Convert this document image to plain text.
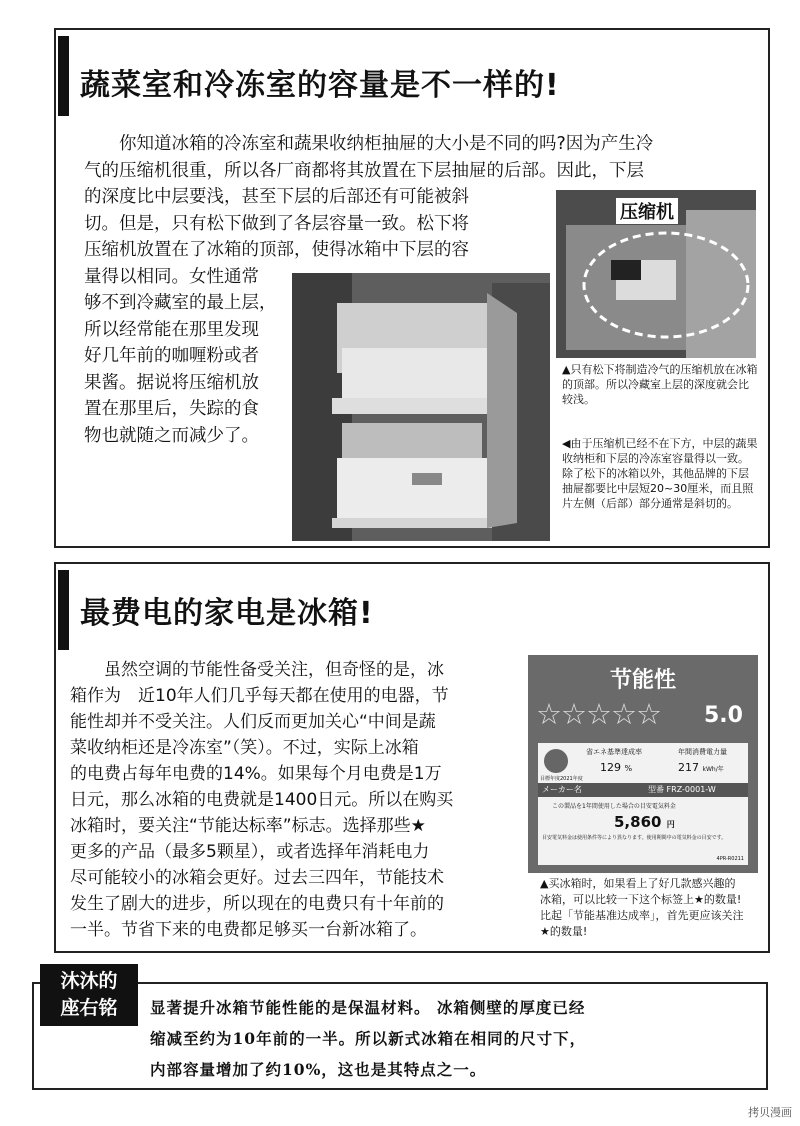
蔬菜室和冷冻室的容量是不一样的!

　　你知道冰箱的冷冻室和蔬果收纳柜抽屉的大小是不同的吗?因为产生冷

气的压缩机很重，所以各厂商都将其放置在下层抽屉的后部。因此，下层

的深度比中层要浅，甚至下层的后部还有可能被斜

切。但是，只有松下做到了各层容量一致。松下将

压缩机放置在了冰箱的顶部，使得冰箱中下层的容

量得以相同。女性通常

够不到冷藏室的最上层，

所以经常能在那里发现

好几年前的咖喱粉或者

果酱。据说将压缩机放

置在那里后，失踪的食

物也就随之而减少了。

压缩机
▲只有松下将制造冷气的压缩机放在冰箱的顶部。所以冷藏室上层的深度就会比较浅。
◀由于压缩机已经不在下方，中层的蔬果收纳柜和下层的冷冻室容量得以一致。除了松下的冰箱以外，其他品牌的下层抽屉都要比中层短20~30厘米，而且照片左侧（后部）部分通常是斜切的。
最费电的家电是冰箱!

　　虽然空调的节能性备受关注，但奇怪的是，冰

箱作为　近10年人们几乎每天都在使用的电器，节

能性却并不受关注。人们反而更加关心“中间是蔬

菜收纳柜还是冷冻室”（笑）。不过，实际上冰箱

的电费占每年电费的14%。如果每个月电费是1万

日元，那么冰箱的电费就是1400日元。所以在购买

冰箱时，要关注“节能达标率”标志。选择那些★

更多的产品（最多5颗星），或者选择年消耗电力

尽可能较小的冰箱会更好。过去三四年，节能技术

发生了剧大的进步，所以现在的电费只有十年前的

一半。节省下来的电费都足够买一台新冰箱了。

节能性
☆☆☆☆☆	5.0
目標年度2021年度
省エネ基準達成率	年間消費電力量
129 %	217 kWh/年
メーカー名	型番 FRZ-0001-W
この製品を1年間使用した場合の目安電気料金
5,860 円
目安電気料金は使用条件等により異なります。使用期間中の電気料金の目安です。
4PR-R0211
▲买冰箱时，如果看上了好几款感兴趣的冰箱，可以比较一下这个标签上★的数量!比起「节能基准达成率」，首先更应该关注★的数量!
沐沐的
座右铭	显著提升冰箱节能性能的是保温材料。 冰箱侧壁的厚度已经
缩减至约为10年前的一半。所以新式冰箱在相同的尺寸下，
内部容量增加了约10%，这也是其特点之一。
拷贝漫画
